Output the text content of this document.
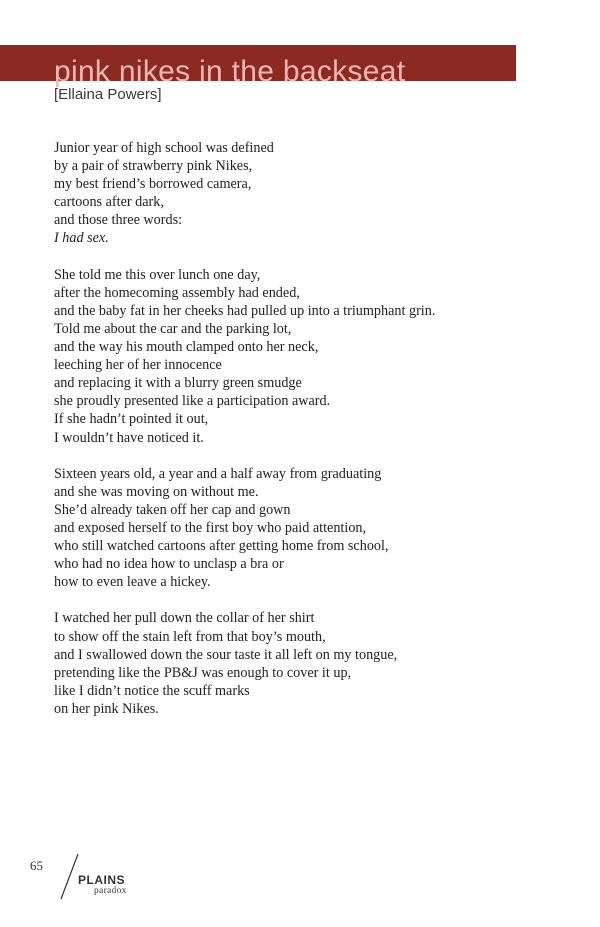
pink nikes in the backseat
[Ellaina Powers]
Junior year of high school was defined
by a pair of strawberry pink Nikes,
my best friend’s borrowed camera,
cartoons after dark,
and those three words:
I had sex.
She told me this over lunch one day,
after the homecoming assembly had ended,
and the baby fat in her cheeks had pulled up into a triumphant grin.
Told me about the car and the parking lot,
and the way his mouth clamped onto her neck,
leeching her of her innocence
and replacing it with a blurry green smudge
she proudly presented like a participation award.
If she hadn’t pointed it out,
I wouldn’t have noticed it.
Sixteen years old, a year and a half away from graduating
and she was moving on without me.
She’d already taken off her cap and gown
and exposed herself to the first boy who paid attention,
who still watched cartoons after getting home from school,
who had no idea how to unclasp a bra or
how to even leave a hickey.
I watched her pull down the collar of her shirt
to show off the stain left from that boy’s mouth,
and I swallowed down the sour taste it all left on my tongue,
pretending like the PB&J was enough to cover it up,
like I didn’t notice the scuff marks
on her pink Nikes.
65
PLAINS
paradox
